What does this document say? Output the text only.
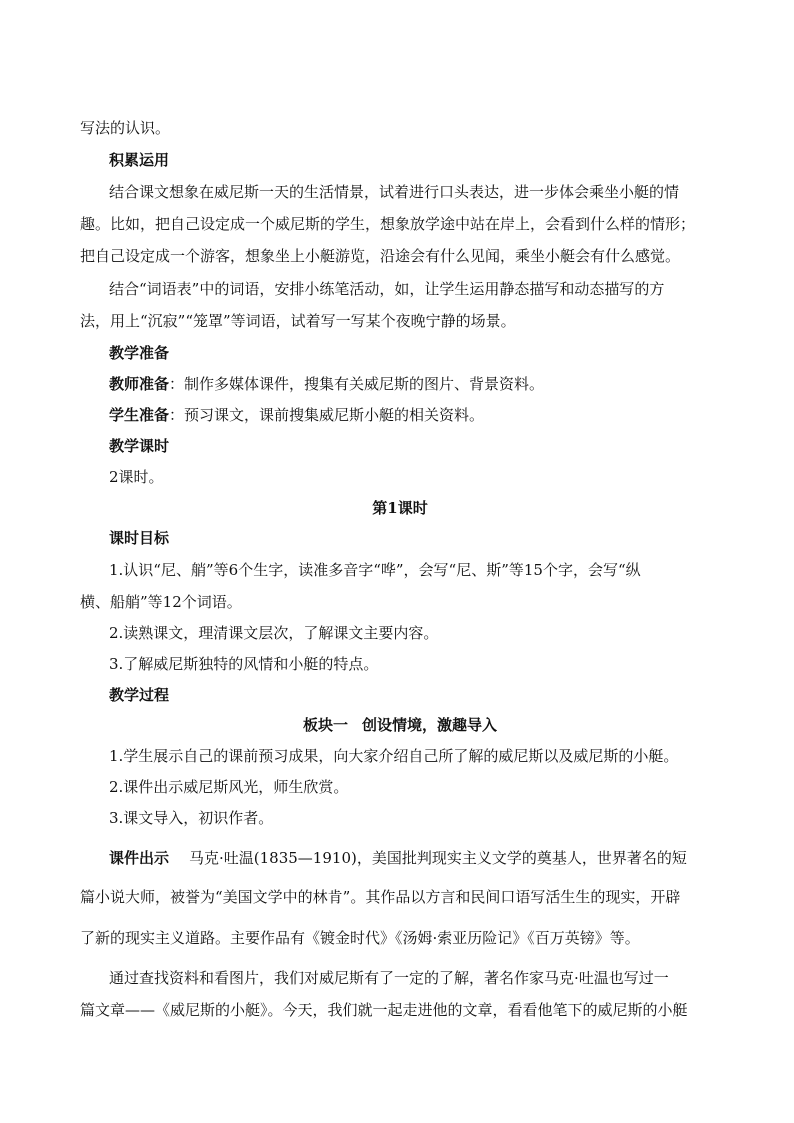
写法的认识。
积累运用
结合课文想象在威尼斯一天的生活情景，试着进行口头表达，进一步体会乘坐小艇的情
趣。比如，把自己设定成一个威尼斯的学生，想象放学途中站在岸上，会看到什么样的情形；
把自己设定成一个游客，想象坐上小艇游览，沿途会有什么见闻，乘坐小艇会有什么感觉。
结合“词语表”中的词语，安排小练笔活动，如，让学生运用静态描写和动态描写的方
法，用上“沉寂”“笼罩”等词语，试着写一写某个夜晚宁静的场景。
教学准备
教师准备：制作多媒体课件，搜集有关威尼斯的图片、背景资料。
学生准备：预习课文，课前搜集威尼斯小艇的相关资料。
教学课时
2课时。
第1课时
课时目标
1.认识“尼、艄”等6个生字，读准多音字“哗”，会写“尼、斯”等15个字，会写“纵
横、船艄”等12个词语。
2.读熟课文，理清课文层次，了解课文主要内容。
3.了解威尼斯独特的风情和小艇的特点。
教学过程
板块一 创设情境，激趣导入
1.学生展示自己的课前预习成果，向大家介绍自己所了解的威尼斯以及威尼斯的小艇。
2.课件出示威尼斯风光，师生欣赏。
3.课文导入，初识作者。
课件出示 马克·吐温(1835—1910)，美国批判现实主义文学的奠基人，世界著名的短
篇小说大师，被誉为“美国文学中的林肯”。其作品以方言和民间口语写活生生的现实，开辟
了新的现实主义道路。主要作品有《镀金时代》《汤姆·索亚历险记》《百万英镑》等。
通过查找资料和看图片，我们对威尼斯有了一定的了解，著名作家马克·吐温也写过一
篇文章——《威尼斯的小艇》。今天，我们就一起走进他的文章，看看他笔下的威尼斯的小艇
